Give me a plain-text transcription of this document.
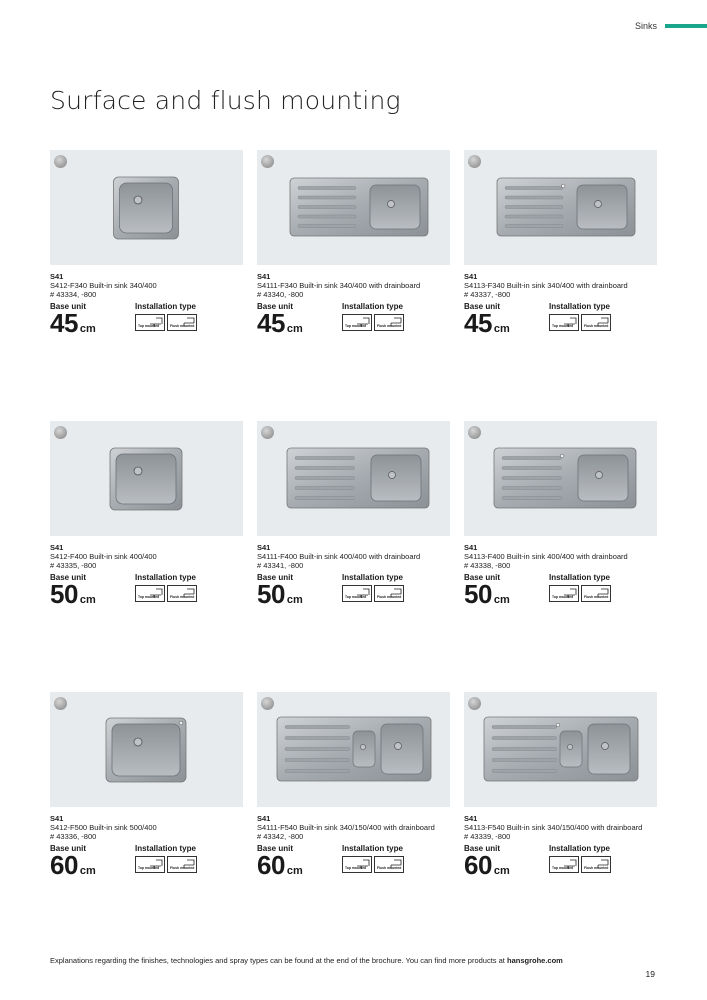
Sinks
Surface and flush mounting
S41
S412-F340 Built-in sink 340/400
# 43334, -800
Base unit
45 cm
Installation type
Top mounted	Flush mounted
S41
S4111-F340 Built-in sink 340/400 with drainboard
# 43340, -800
Base unit
45 cm
Installation type
Top mounted	Flush mounted
S41
S4113-F340 Built-in sink 340/400 with drainboard
# 43337, -800
Base unit
45 cm
Installation type
Top mounted	Flush mounted
S41
S412-F400 Built-in sink 400/400
# 43335, -800
Base unit
50 cm
Installation type
Top mounted	Flush mounted
S41
S4111-F400 Built-in sink 400/400 with drainboard
# 43341, -800
Base unit
50 cm
Installation type
Top mounted	Flush mounted
S41
S4113-F400 Built-in sink 400/400 with drainboard
# 43338, -800
Base unit
50 cm
Installation type
Top mounted	Flush mounted
S41
S412-F500 Built-in sink 500/400
# 43336, -800
Base unit
60 cm
Installation type
Top mounted	Flush mounted
S41
S4111-F540 Built-in sink 340/150/400 with drainboard
# 43342, -800
Base unit
60 cm
Installation type
Top mounted	Flush mounted
S41
S4113-F540 Built-in sink 340/150/400 with drainboard
# 43339, -800
Base unit
60 cm
Installation type
Top mounted	Flush mounted
Explanations regarding the finishes, technologies and spray types can be found at the end of the brochure. You can find more products at hansgrohe.com
19
